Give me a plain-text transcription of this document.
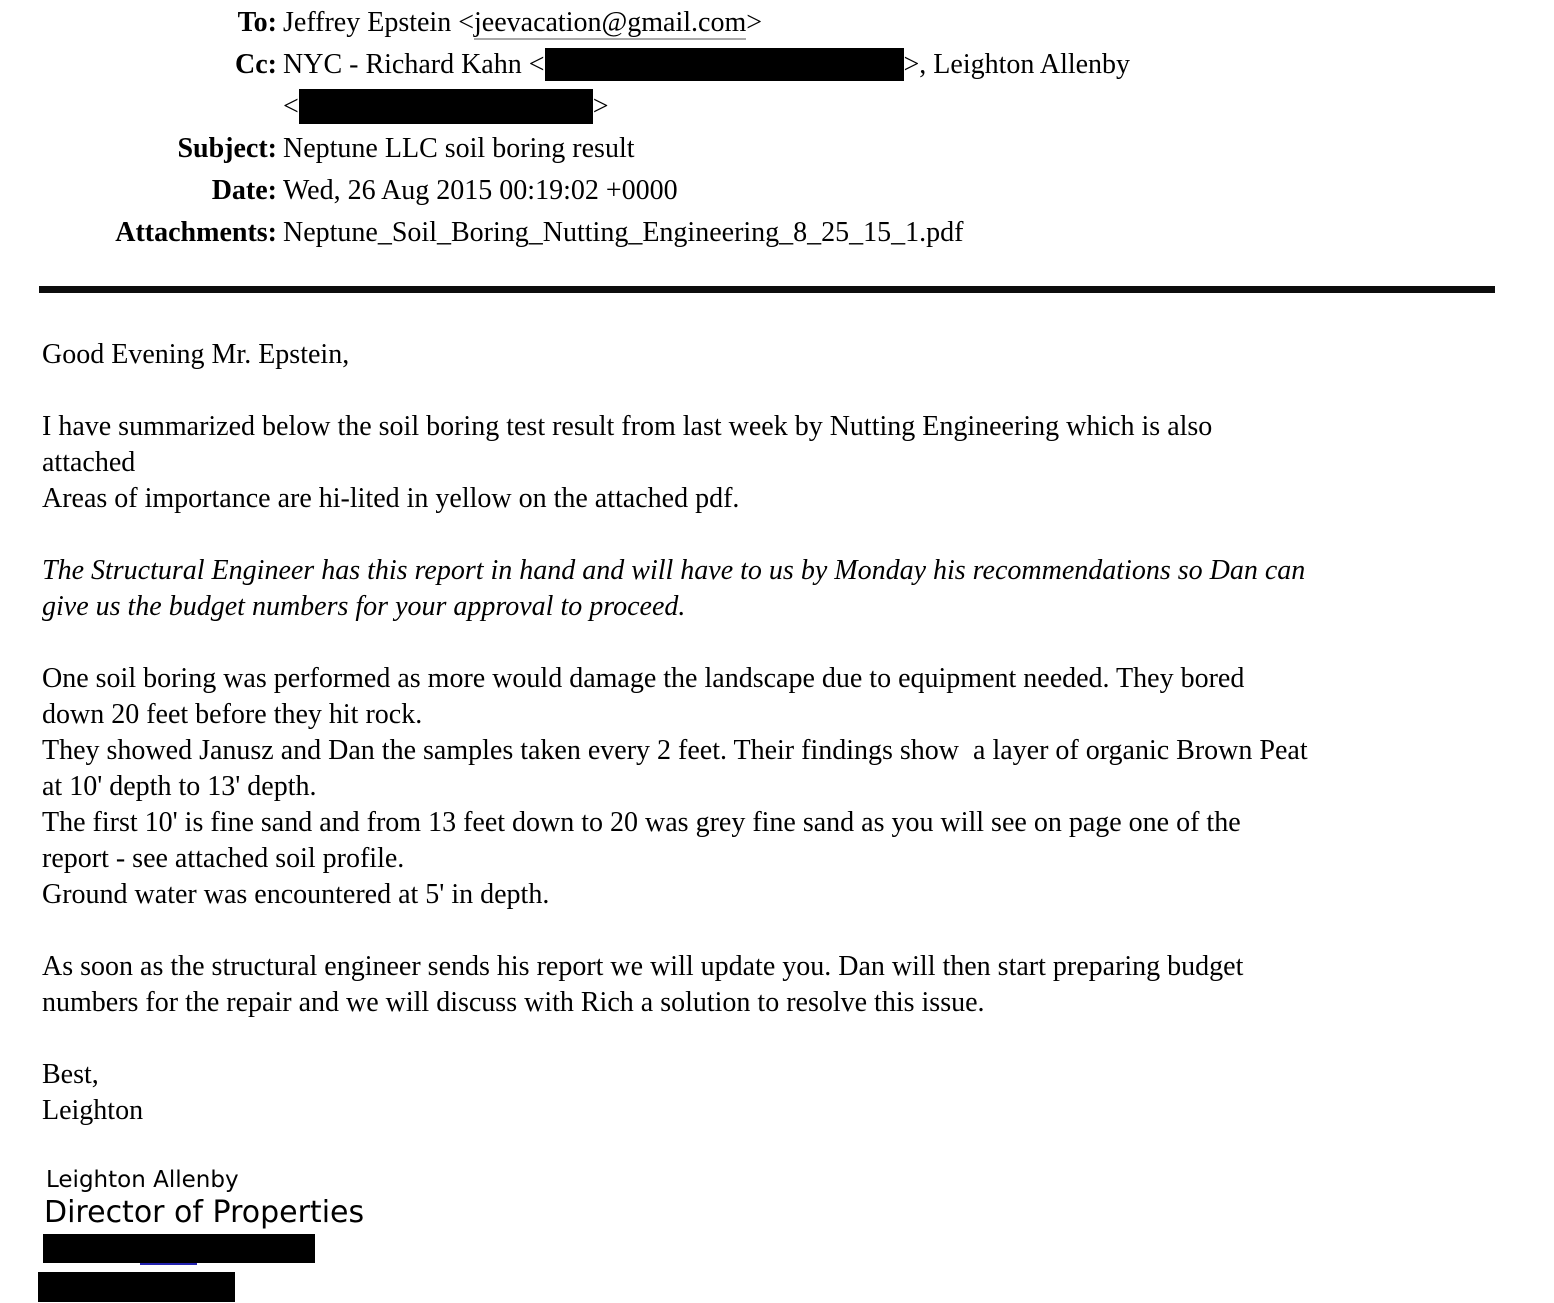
To: Jeffrey Epstein <jeevacation@gmail.com>
Cc: NYC - Richard Kahn <	>, Leighton Allenby
<	>
Subject: Neptune LLC soil boring result
Date: Wed, 26 Aug 2015 00:19:02 +0000
Attachments: Neptune_Soil_Boring_Nutting_Engineering_8_25_15_1.pdf

Good Evening Mr. Epstein,

I have summarized below the soil boring test result from last week by Nutting Engineering which is also
attached
Areas of importance are hi-lited in yellow on the attached pdf.

The Structural Engineer has this report in hand and will have to us by Monday his recommendations so Dan can
give us the budget numbers for your approval to proceed.

One soil boring was performed as more would damage the landscape due to equipment needed. They bored
down 20 feet before they hit rock.
They showed Janusz and Dan the samples taken every 2 feet. Their findings show  a layer of organic Brown Peat
at 10' depth to 13' depth.
The first 10' is fine sand and from 13 feet down to 20 was grey fine sand as you will see on page one of the
report - see attached soil profile.
Ground water was encountered at 5' in depth.

As soon as the structural engineer sends his report we will update you. Dan will then start preparing budget
numbers for the repair and we will discuss with Rich a solution to resolve this issue.

Best,
Leighton

Leighton Allenby
Director of Properties
